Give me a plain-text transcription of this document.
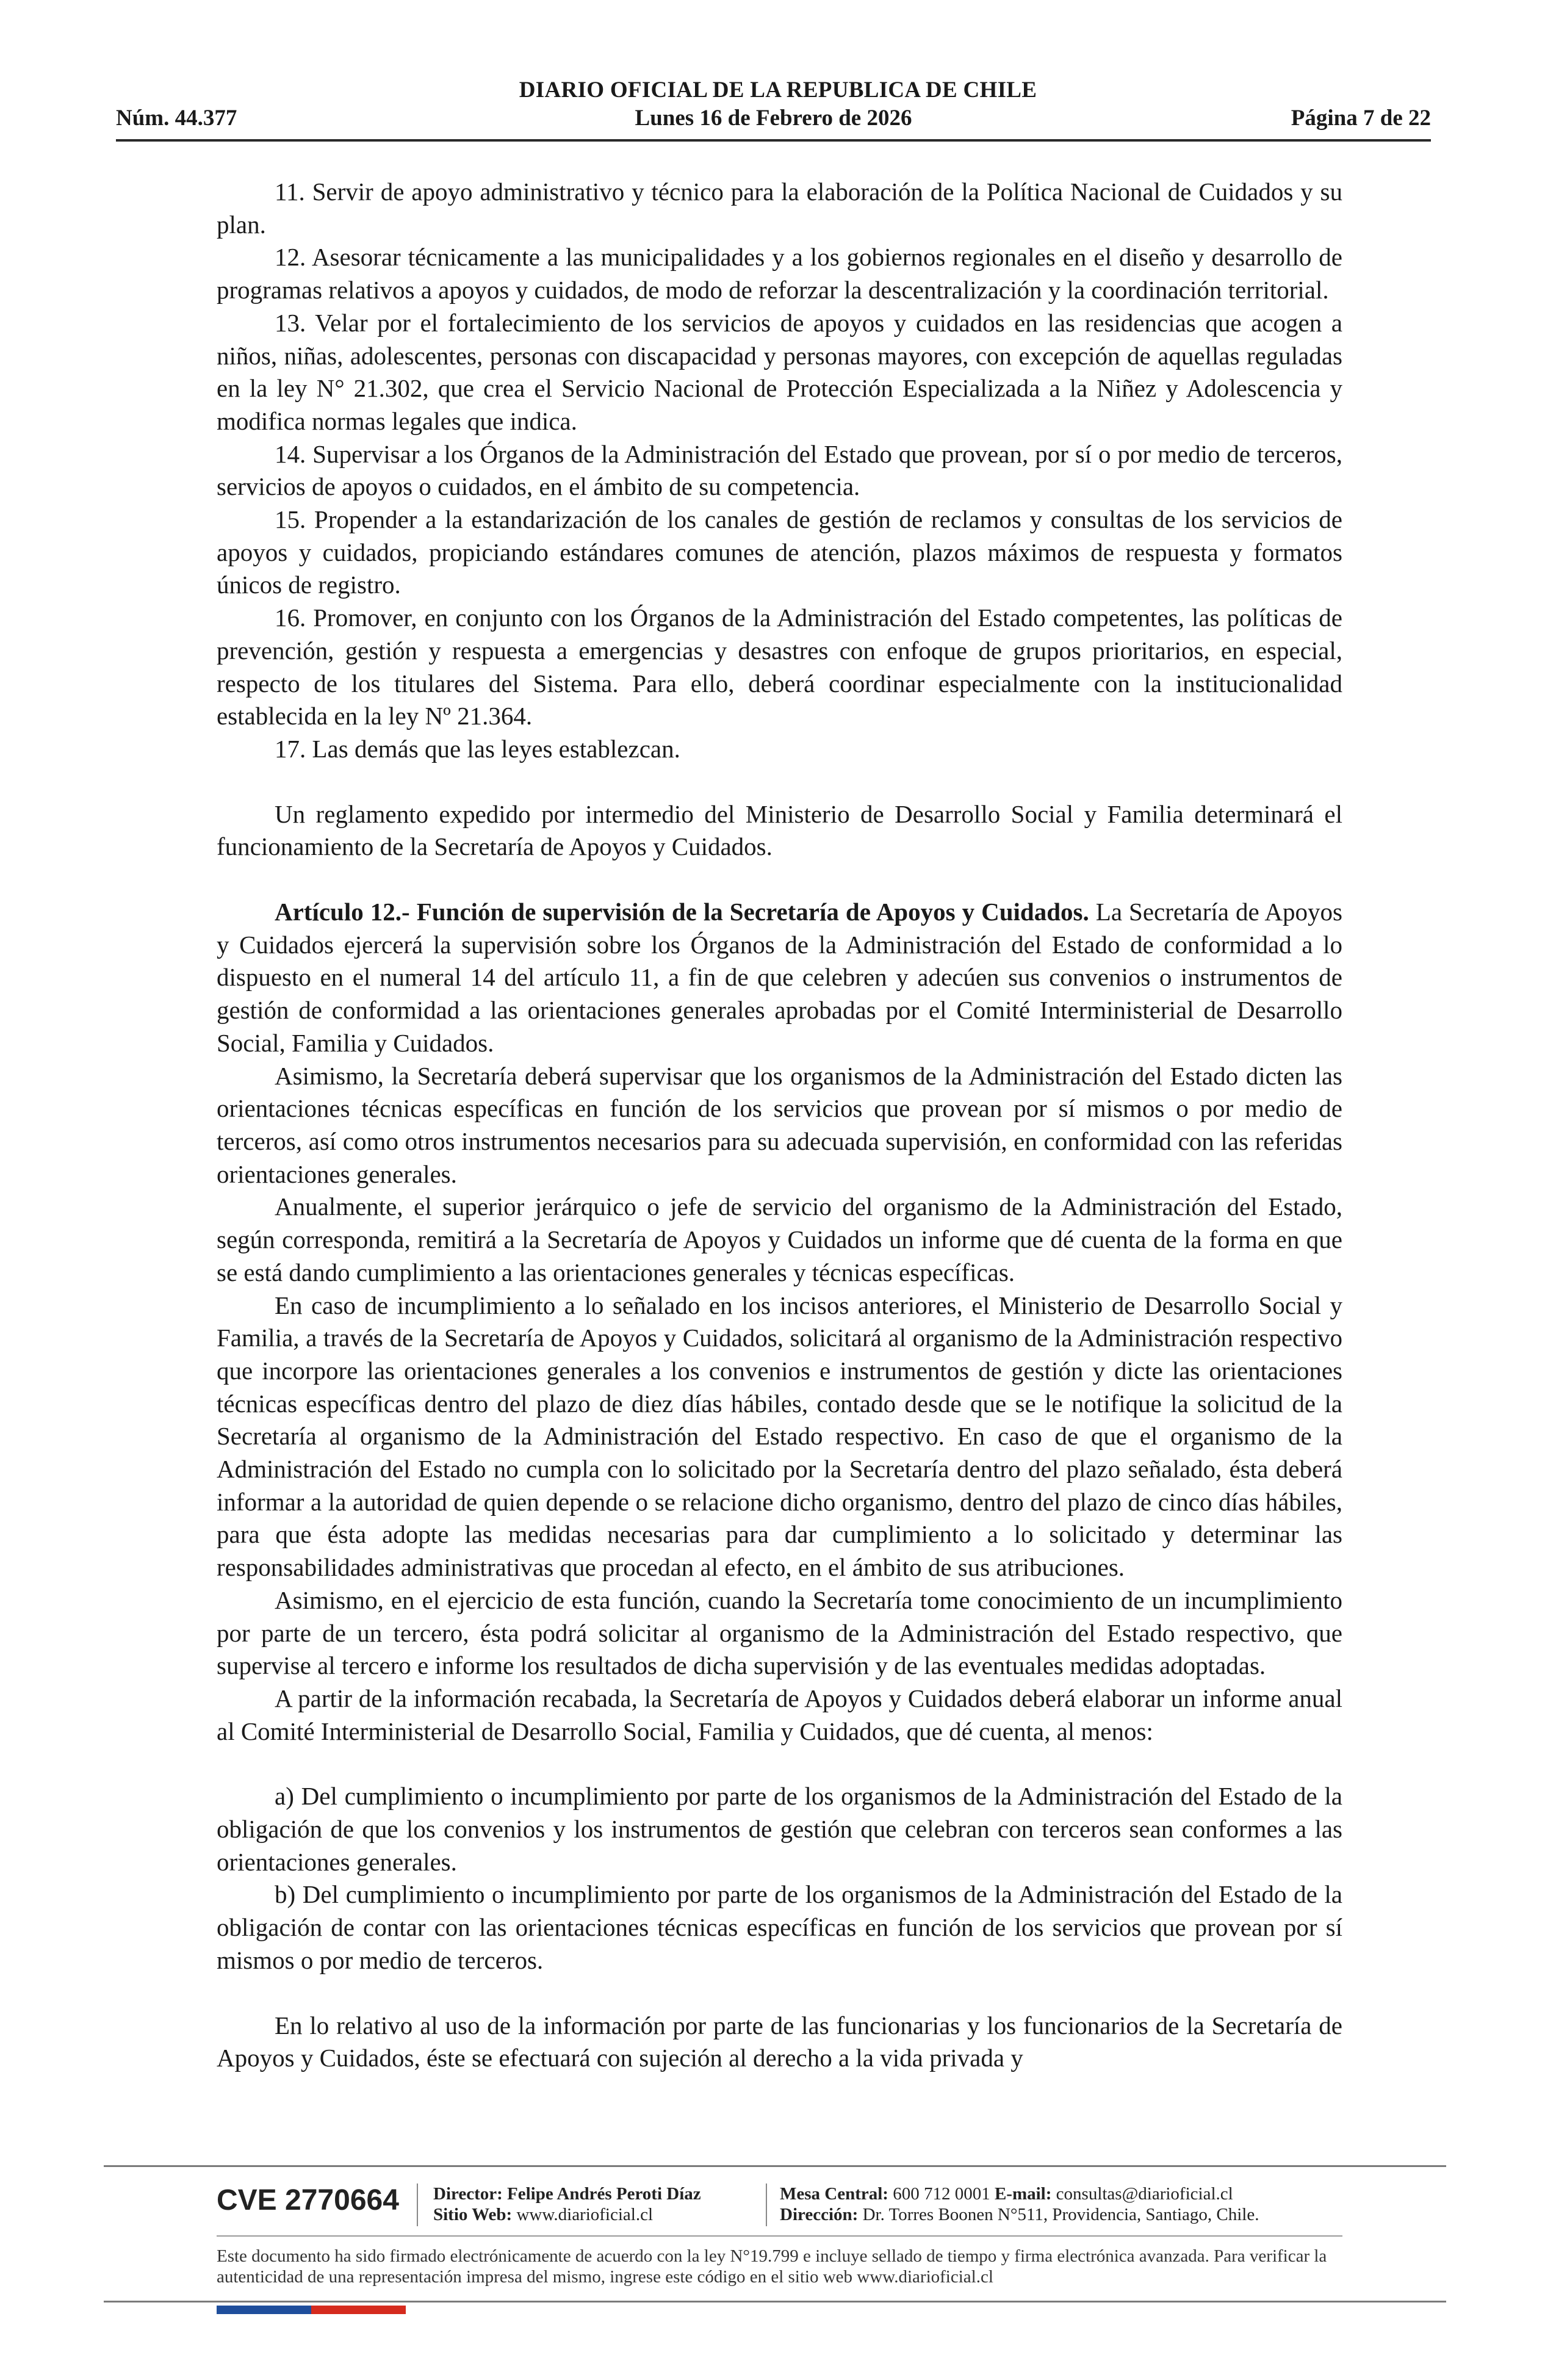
DIARIO OFICIAL DE LA REPUBLICA DE CHILE
Núm. 44.377	Lunes 16 de Febrero de 2026	Página 7 de 22

11. Servir de apoyo administrativo y técnico para la elaboración de la Política Nacional de Cuidados y su plan.

12. Asesorar técnicamente a las municipalidades y a los gobiernos regionales en el diseño y desarrollo de programas relativos a apoyos y cuidados, de modo de reforzar la descentralización y la coordinación territorial.

13. Velar por el fortalecimiento de los servicios de apoyos y cuidados en las residencias que acogen a niños, niñas, adolescentes, personas con discapacidad y personas mayores, con excepción de aquellas reguladas en la ley N° 21.302, que crea el Servicio Nacional de Protección Especializada a la Niñez y Adolescencia y modifica normas legales que indica.

14. Supervisar a los Órganos de la Administración del Estado que provean, por sí o por medio de terceros, servicios de apoyos o cuidados, en el ámbito de su competencia.

15. Propender a la estandarización de los canales de gestión de reclamos y consultas de los servicios de apoyos y cuidados, propiciando estándares comunes de atención, plazos máximos de respuesta y formatos únicos de registro.

16. Promover, en conjunto con los Órganos de la Administración del Estado competentes, las políticas de prevención, gestión y respuesta a emergencias y desastres con enfoque de grupos prioritarios, en especial, respecto de los titulares del Sistema. Para ello, deberá coordinar especialmente con la institucionalidad establecida en la ley Nº 21.364.

17. Las demás que las leyes establezcan.

Un reglamento expedido por intermedio del Ministerio de Desarrollo Social y Familia determinará el funcionamiento de la Secretaría de Apoyos y Cuidados.

Artículo 12.- Función de supervisión de la Secretaría de Apoyos y Cuidados. La Secretaría de Apoyos y Cuidados ejercerá la supervisión sobre los Órganos de la Administración del Estado de conformidad a lo dispuesto en el numeral 14 del artículo 11, a fin de que celebren y adecúen sus convenios o instrumentos de gestión de conformidad a las orientaciones generales aprobadas por el Comité Interministerial de Desarrollo Social, Familia y Cuidados.

Asimismo, la Secretaría deberá supervisar que los organismos de la Administración del Estado dicten las orientaciones técnicas específicas en función de los servicios que provean por sí mismos o por medio de terceros, así como otros instrumentos necesarios para su adecuada supervisión, en conformidad con las referidas orientaciones generales.

Anualmente, el superior jerárquico o jefe de servicio del organismo de la Administración del Estado, según corresponda, remitirá a la Secretaría de Apoyos y Cuidados un informe que dé cuenta de la forma en que se está dando cumplimiento a las orientaciones generales y técnicas específicas.

En caso de incumplimiento a lo señalado en los incisos anteriores, el Ministerio de Desarrollo Social y Familia, a través de la Secretaría de Apoyos y Cuidados, solicitará al organismo de la Administración respectivo que incorpore las orientaciones generales a los convenios e instrumentos de gestión y dicte las orientaciones técnicas específicas dentro del plazo de diez días hábiles, contado desde que se le notifique la solicitud de la Secretaría al organismo de la Administración del Estado respectivo. En caso de que el organismo de la Administración del Estado no cumpla con lo solicitado por la Secretaría dentro del plazo señalado, ésta deberá informar a la autoridad de quien depende o se relacione dicho organismo, dentro del plazo de cinco días hábiles, para que ésta adopte las medidas necesarias para dar cumplimiento a lo solicitado y determinar las responsabilidades administrativas que procedan al efecto, en el ámbito de sus atribuciones.

Asimismo, en el ejercicio de esta función, cuando la Secretaría tome conocimiento de un incumplimiento por parte de un tercero, ésta podrá solicitar al organismo de la Administración del Estado respectivo, que supervise al tercero e informe los resultados de dicha supervisión y de las eventuales medidas adoptadas.

A partir de la información recabada, la Secretaría de Apoyos y Cuidados deberá elaborar un informe anual al Comité Interministerial de Desarrollo Social, Familia y Cuidados, que dé cuenta, al menos:

a) Del cumplimiento o incumplimiento por parte de los organismos de la Administración del Estado de la obligación de que los convenios y los instrumentos de gestión que celebran con terceros sean conformes a las orientaciones generales.

b) Del cumplimiento o incumplimiento por parte de los organismos de la Administración del Estado de la obligación de contar con las orientaciones técnicas específicas en función de los servicios que provean por sí mismos o por medio de terceros.

En lo relativo al uso de la información por parte de las funcionarias y los funcionarios de la Secretaría de Apoyos y Cuidados, éste se efectuará con sujeción al derecho a la vida privada y

CVE 2770664 Director: Felipe Andrés Peroti Díaz
Sitio Web: www.diarioficial.cl
Mesa Central: 600 712 0001 E-mail: consultas@diarioficial.cl
Dirección: Dr. Torres Boonen N°511, Providencia, Santiago, Chile.
Este documento ha sido firmado electrónicamente de acuerdo con la ley N°19.799 e incluye sellado de tiempo y firma electrónica avanzada. Para verificar la autenticidad de una representación impresa del mismo, ingrese este código en el sitio web www.diarioficial.cl
